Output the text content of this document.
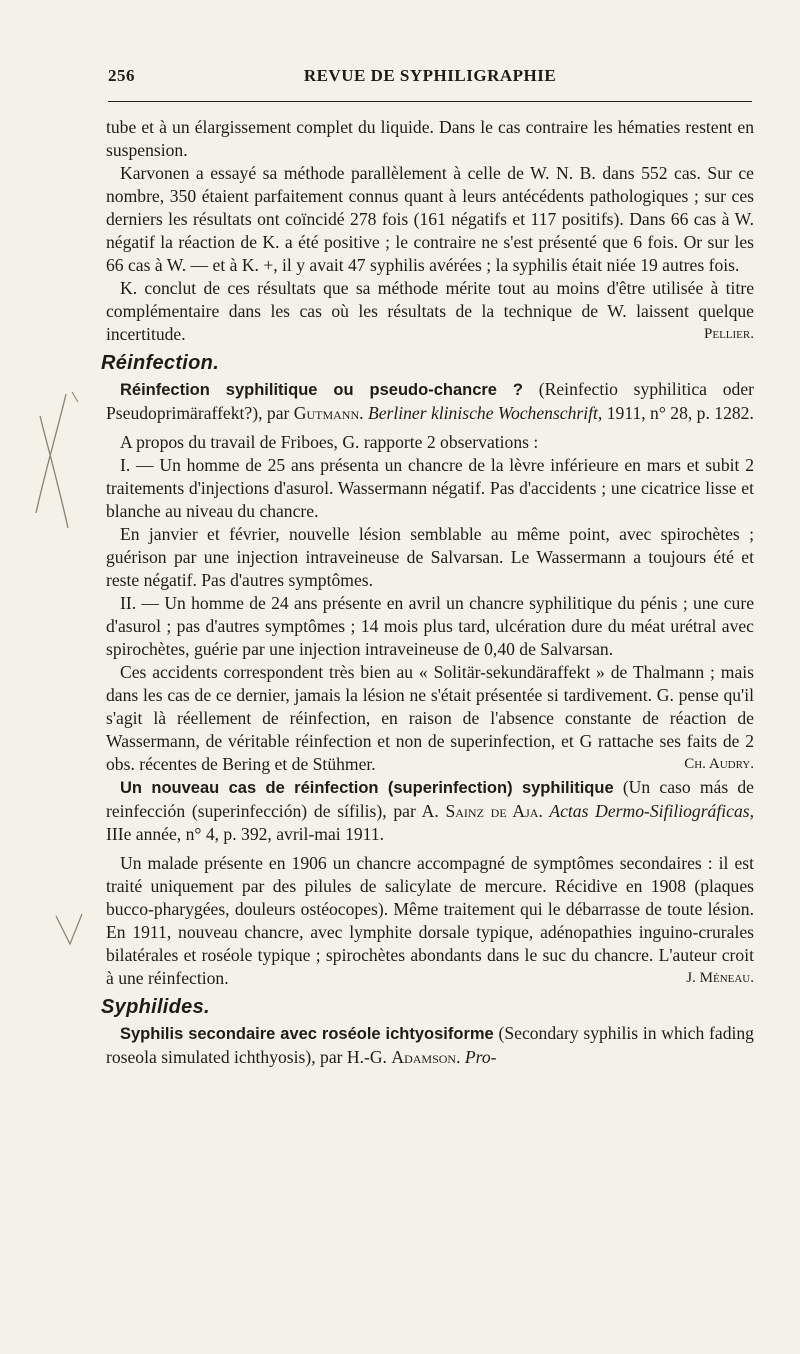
256	REVUE DE SYPHILIGRAPHIE

tube et à un élargissement complet du liquide. Dans le cas contraire les hématies restent en suspension.

Karvonen a essayé sa méthode parallèlement à celle de W. N. B. dans 552 cas. Sur ce nombre, 350 étaient parfaitement connus quant à leurs antécédents pathologiques ; sur ces derniers les résultats ont coïncidé 278 fois (161 négatifs et 117 positifs). Dans 66 cas à W. négatif la réaction de K. a été positive ; le contraire ne s'est présenté que 6 fois. Or sur les 66 cas à W. — et à K. +, il y avait 47 syphilis avérées ; la syphilis était niée 19 autres fois.

K. conclut de ces résultats que sa méthode mérite tout au moins d'être utilisée à titre complémentaire dans les cas où les résultats de la technique de W. laissent quelque incertitude.	Pellier.

Réinfection.

Réinfection syphilitique ou pseudo-chancre ? (Reinfectio syphilitica oder Pseudoprimäraffekt?), par Gutmann. Berliner klinische Wochenschrift, 1911, n° 28, p. 1282.

A propos du travail de Friboes, G. rapporte 2 observations :

I. — Un homme de 25 ans présenta un chancre de la lèvre inférieure en mars et subit 2 traitements d'injections d'asurol. Wassermann négatif. Pas d'accidents ; une cicatrice lisse et blanche au niveau du chancre.

En janvier et février, nouvelle lésion semblable au même point, avec spirochètes ; guérison par une injection intraveineuse de Salvarsan. Le Wassermann a toujours été et reste négatif. Pas d'autres symptômes.

II. — Un homme de 24 ans présente en avril un chancre syphilitique du pénis ; une cure d'asurol ; pas d'autres symptômes ; 14 mois plus tard, ulcération dure du méat urétral avec spirochètes, guérie par une injection intraveineuse de 0,40 de Salvarsan.

Ces accidents correspondent très bien au « Solitär-sekundäraffekt » de Thalmann ; mais dans les cas de ce dernier, jamais la lésion ne s'était présentée si tardivement. G. pense qu'il s'agit là réellement de réinfection, en raison de l'absence constante de réaction de Wassermann, de véritable réinfection et non de superinfection, et G rattache ses faits de 2 obs. récentes de Bering et de Stühmer.	Ch. Audry.

Un nouveau cas de réinfection (superinfection) syphilitique (Un caso más de reinfección (superinfección) de sífilis), par A. Sainz de Aja. Actas Dermo-Sifiliográficas, IIIe année, n° 4, p. 392, avril-mai 1911.

Un malade présente en 1906 un chancre accompagné de symptômes secondaires : il est traité uniquement par des pilules de salicylate de mercure. Récidive en 1908 (plaques bucco-pharygées, douleurs ostéocopes). Même traitement qui le débarrasse de toute lésion. En 1911, nouveau chancre, avec lymphite dorsale typique, adénopathies inguino-crurales bilatérales et roséole typique ; spirochètes abondants dans le suc du chancre. L'auteur croit à une réinfection.	J. Méneau.

Syphilides.

Syphilis secondaire avec roséole ichtyosiforme (Secondary syphilis in which fading roseola simulated ichthyosis), par H.-G. Adamson. Pro-
